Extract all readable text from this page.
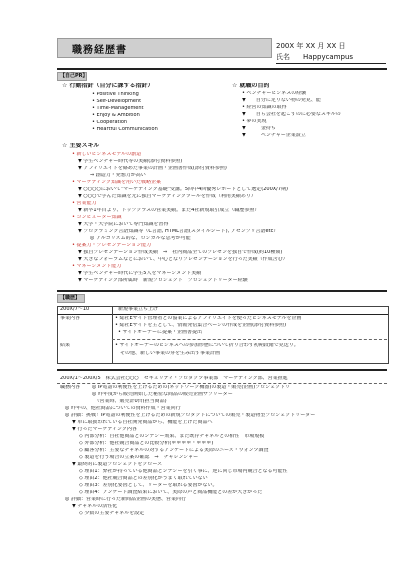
職務経歴書	200X 年 XX 月 XX 日
氏名 Happycampus
【自己PR】
☆ 行動指針（自分に課する指針）
• Positive Thinking
• Self-Development
• Time-Management
• Enjoy & Ambition
• Cooperation
• Heartful Communication
☆ 就職の目的
• ベンチャービジネスの経験
▼　　自分に足りない物の発見、能
• 経営の知識の取得
▼　　自ら会社を起こすのに必要なスキルの
• 夢の実現
▼　　　金持ち
▼　　　ベンチャー企業設立
☆ 主要スキル
• 新しいビジネスモデルの創造
▼ 学生ベンチャー時代等の実績(添付資料参照)
▼ アフィリエイトを絡めた事業の計画・企画書作成(添付資料参照)
⇒ 創造力・発想力が高い
• マーケティング知識を用いた戦略企案
▼ ○○○○において"マーケティング基礎"受講。5回中4回優秀レポートとして選定(200X/7期)
▼ ○○○で学んだ知識を元に独自マーケティングツールを作成（利用実績あり）
• 営業能力
▼ 新卒1年目より、トップクラスの営業実績。また4社新規取引成立（職歴参照）
• コンピューター知識
▼ 大学・大学院において専門知識を習得
▼ プログラミング言語知識等（C言語, HTML言語(スタイルシート), アセンブリ言語etc）
◎ アルゴリズム的な、ロジカルな思考が可能
• 提案力・プレゼンテーション能力
▼ 独自プレゼンテーション作成実績　⇒　社内商品全てのプレゼンを独自で作成(約10種類)
▼ 大きなフォーラムなどにおいて、中心となりプレゼンテーションを行った実績（作成含む）
• マネージメント能力
▼ 学生ベンチャー時代に学生5人をマネージメント実績
▼ マーケティング部所属時　新規プロジェクト　プロジェクトリーダー経験
【職歴】
200X/7～10	新規事業立ち上げ
事業内容	• 総社Eサイト管理者との協業によるアフィリエイトを使ったビジネスモデルを企画
• 総社Eサイトを主として、情報発信集合ページの作成を企画(添付資料参照)
• サイトオーナーに提案・企画書提出
結果	• サイトオーナーのビジネスへの参加形態について折り合わず初期段階で見送り。
　その他、新しい事業の芽を生み出す事業計画
200X/1～200X/5　株式会社○○○　セキュリティ・プロダクツ事業部　マーケティング部、営業推進
職務内容 ◎ IP電話の利便性を上げるための(ネットワーク機器)の製造・販売(企画)プロジェクトリ
◎ 昨年度から販売開始した秘密な商品の販売企画サプリーダー
　（営業時、販売計0台(担当商品)
◎ 昨年の、他社商品についての資料作成・営業同行
◎ 詳細：挑戦！IP電話の利便性を上げるための新規プロダクトについての販売・製造物型プロジェクトリーダー
▼ 単に取扱われている自社開発商品から、機能を上げた商品へ
▼ 行ったマーケティング内容
◇ 内部分析：自社他商品とのシナジー効果、また既存チャネルとの相性　市場規模
◇ 外部分析：他社競合商品との比較分析(＊＊＊＊・＊＊＊)
◇ 顧客分析：主要なチャネルの対するアンケートによる実際のニーズ・ウォンツ調査
◇ 製造を行う場合の立案の確認　⇒　チャレンジャー
▼ 最終的に製造プロジェクトをクローズ
◇ 理由1：弊社が持っている他商品とシナジーを引く事に、逆に同じ市場内競合となる可能性
◇ 理由2：他社競合商品との差別化がうまく取れていない
◇ 理由3：差別化要因として、リーダーを取れる要因がない。
◇ 理由4：アンケート調査結果において、実際の声と商品機能との差が大きかった
◎ 詳細：営業時に行った新商品企画の実態、営業同行
▼ チャネルの活性化
◇ 少数の主要チャネルを設定
